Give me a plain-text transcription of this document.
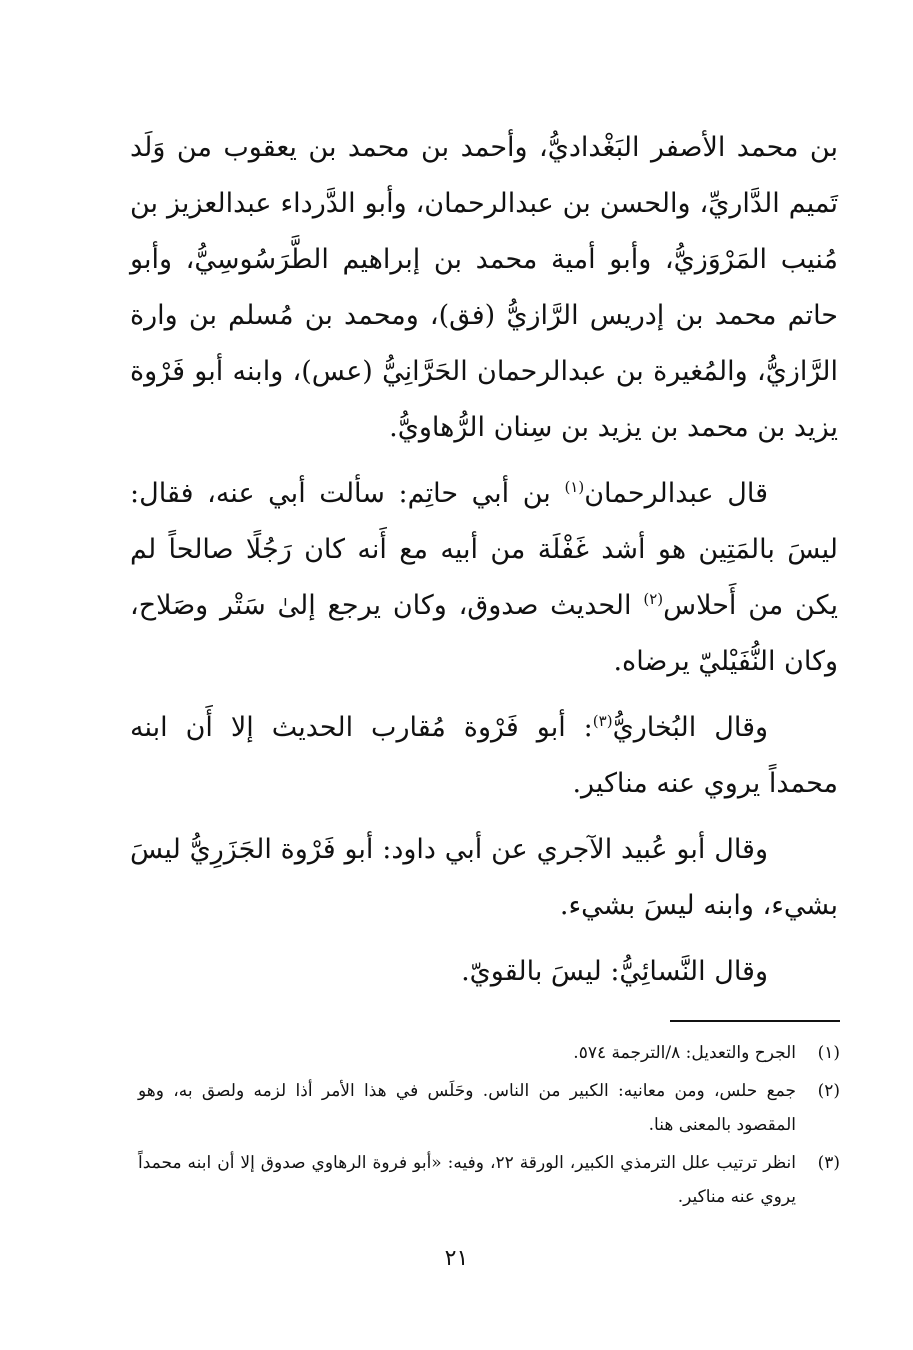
بن محمد الأصفر البَغْداديُّ، وأحمد بن محمد بن يعقوب من وَلَد تَميم الدَّاريِّ، والحسن بن عبدالرحمان، وأبو الدَّرداء عبدالعزيز بن مُنيب المَرْوَزيُّ، وأبو أمية محمد بن إبراهيم الطَّرَسُوسِيُّ، وأبو حاتم محمد بن إدريس الرَّازيُّ (فق)، ومحمد بن مُسلم بن وارة الرَّازيُّ، والمُغيرة بن عبدالرحمان الحَرَّانِيُّ (عس)، وابنه أبو فَرْوة يزيد بن محمد بن يزيد بن سِنان الرُّهاويُّ.

قال عبدالرحمان$^{(١)}$ بن أبي حاتِم: سألت أبي عنه، فقال: ليسَ بالمَتِين هو أشد غَفْلَة من أبيه مع أَنه كان رَجُلًا صالحاً لم يكن من أَحلاس$^{(٢)}$ الحديث صدوق، وكان يرجع إلىٰ سَتْر وصَلاح، وكان النُّفَيْليّ يرضاه.

وقال البُخاريُّ$^{(٣)}$: أبو فَرْوة مُقارب الحديث إلا أَن ابنه محمداً يروي عنه مناكير.

وقال أبو عُبيد الآجري عن أبي داود: أبو فَرْوة الجَزَرِيُّ ليسَ بشيء، وابنه ليسَ بشيء.

وقال النَّسائِيُّ: ليسَ بالقويّ.

(١)
الجرح والتعديل: ٨/الترجمة ٥٧٤.
(٢)
جمع حلس، ومن معانيه: الكبير من الناس. وحَلَس في هذا الأمر أذا لزمه ولصق به، وهو المقصود بالمعنى هنا.
(٣)
انظر ترتيب علل الترمذي الكبير، الورقة ٢٢، وفيه: «أبو فروة الرهاوي صدوق إلا أن ابنه محمداً يروي عنه مناكير.
٢١
